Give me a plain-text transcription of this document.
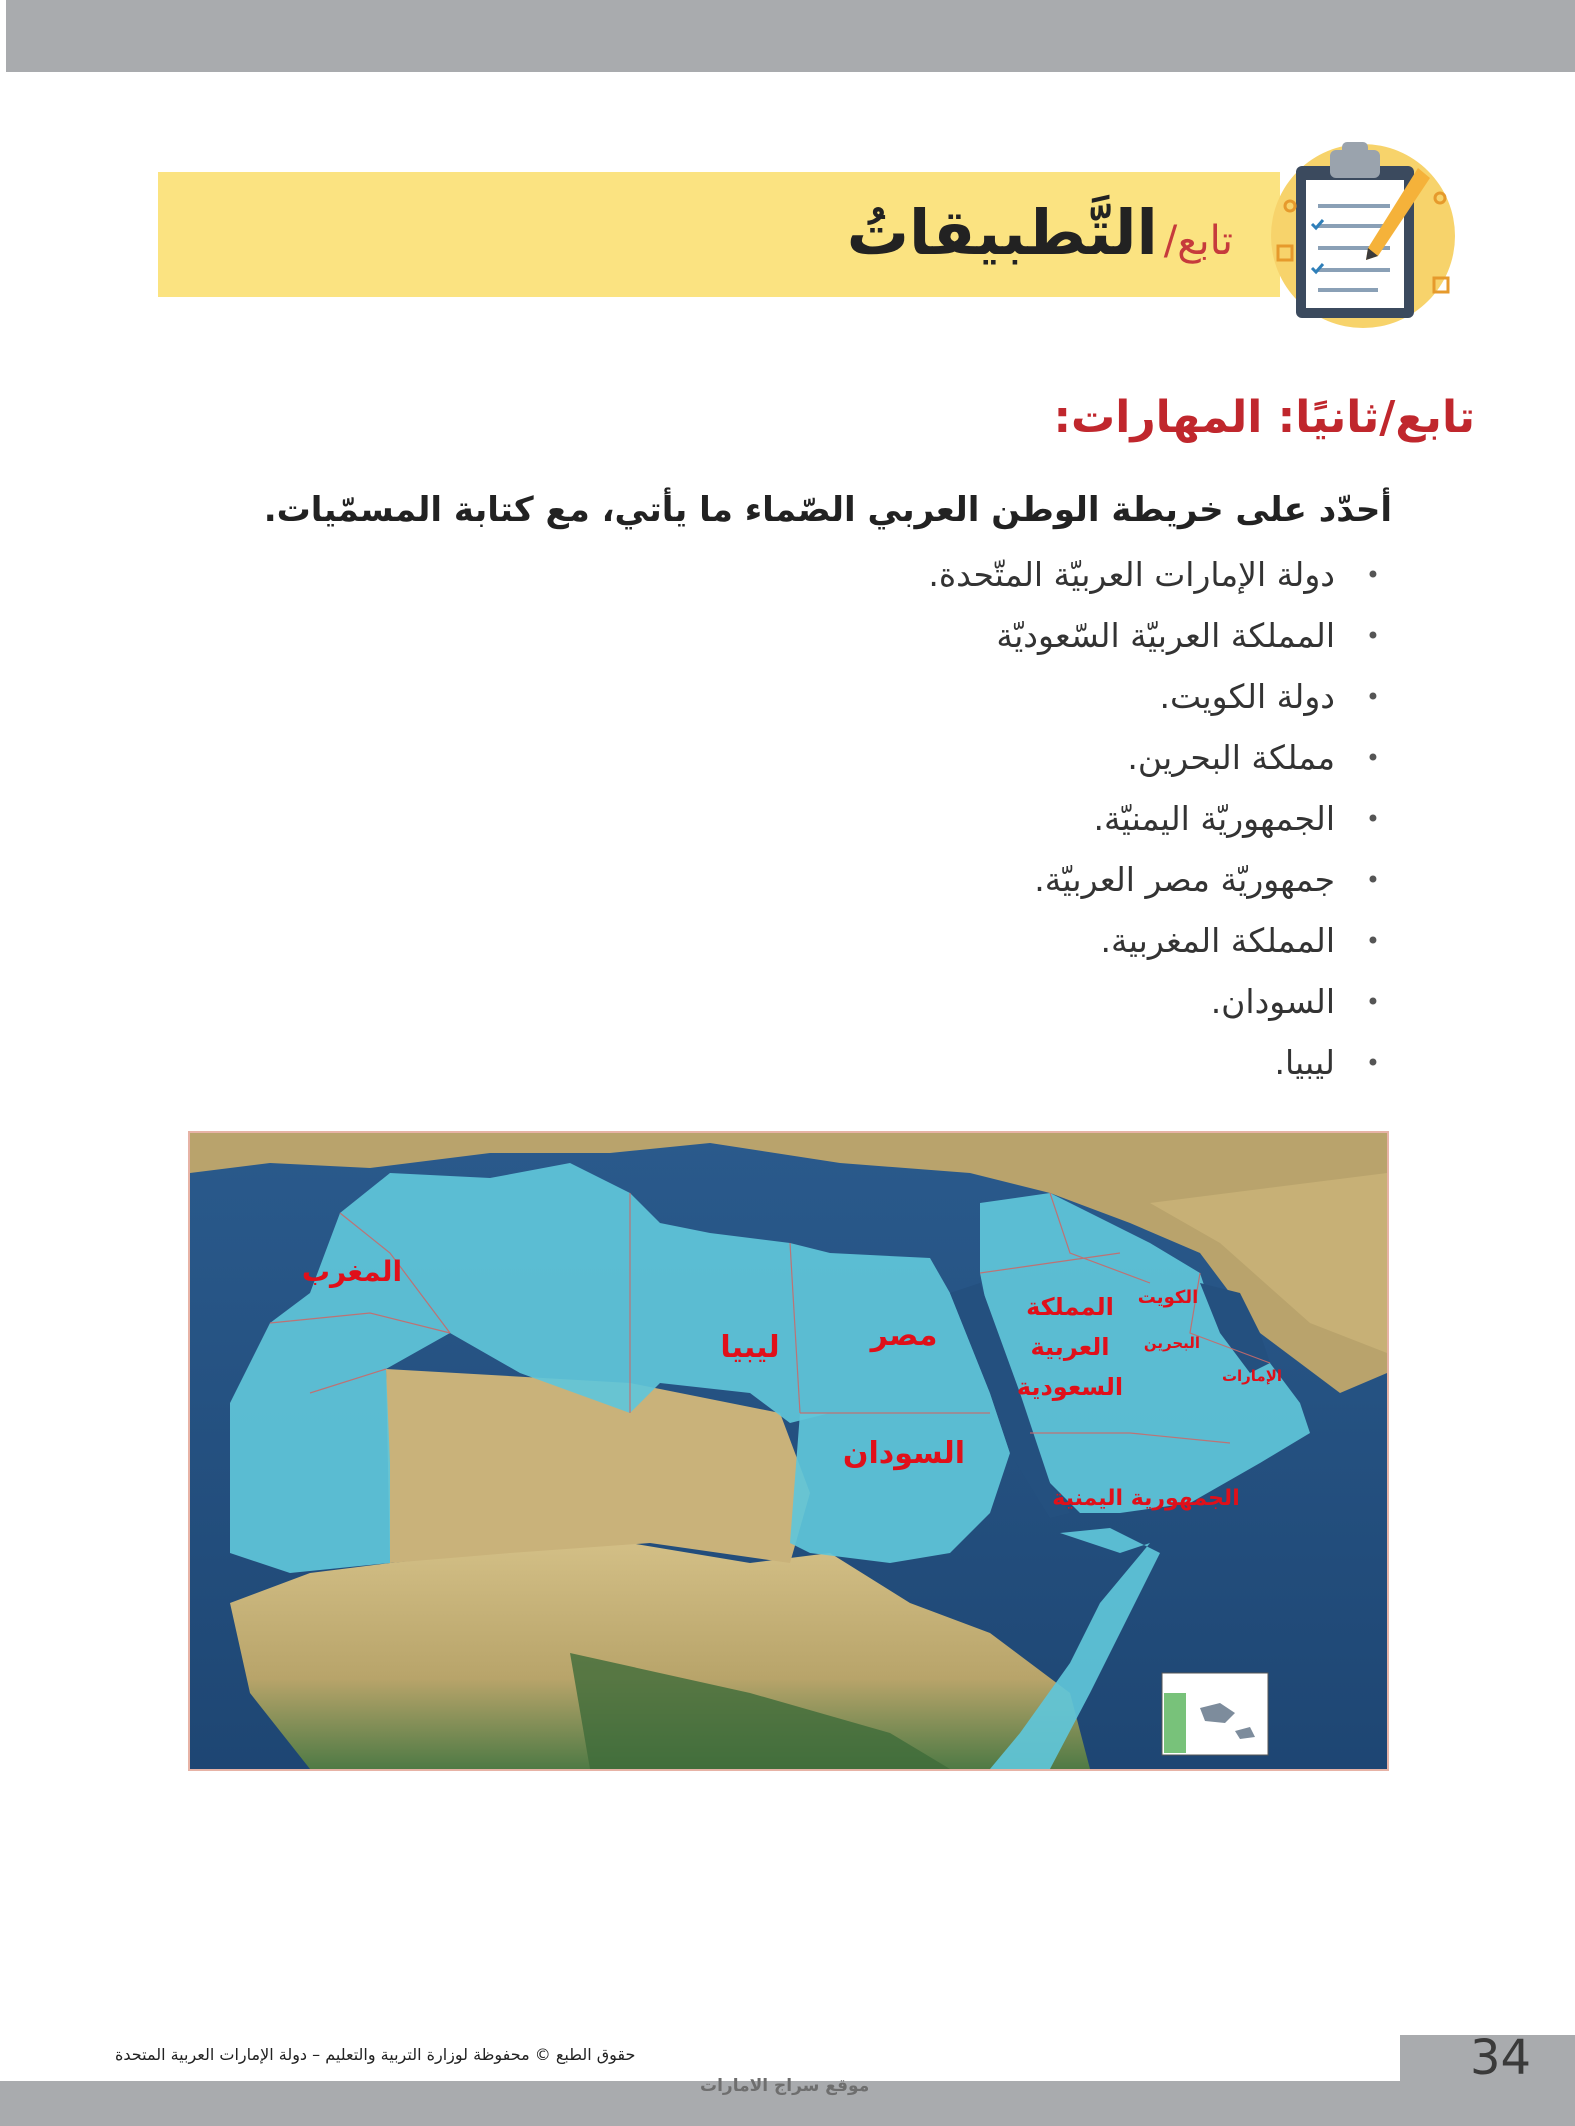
تابع/
التَّطبيقاتُ
تابع/ثانيًا: المهارات:
أحدّد على خريطة الوطن العربي الصّماء ما يأتي، مع كتابة المسمّيات.
• دولة الإمارات العربيّة المتّحدة.
• المملكة العربيّة السّعوديّة
• دولة الكويت.
• مملكة البحرين.
• الجمهوريّة اليمنيّة.
• جمهوريّة مصر العربيّة.
• المملكة المغربية.
• السودان.
• ليبيا.
المغرب
ليبيا	مصر
السودان
المملكة
العربية
السعودية
الكويت
البحرين
الإمارات
الجمهورية اليمنية
حقوق الطبع © محفوظة لوزارة التربية والتعليم – دولة الإمارات العربية المتحدة
موقع سراج الامارات	34
